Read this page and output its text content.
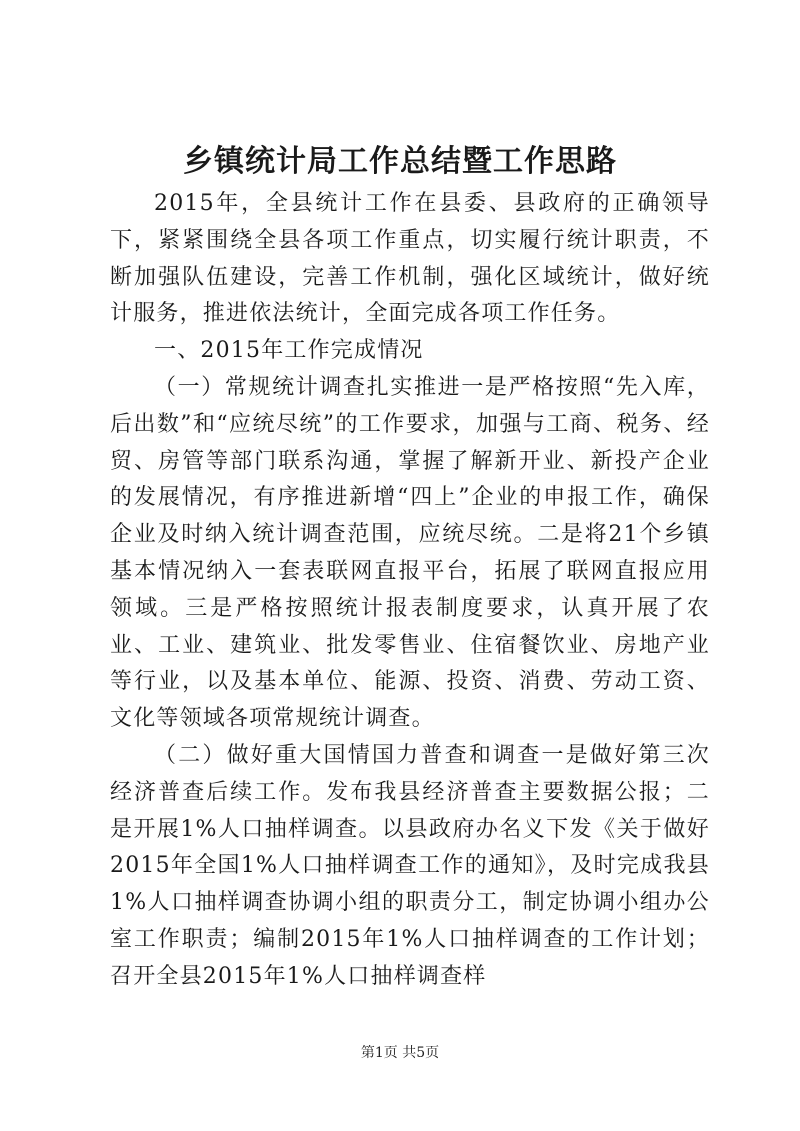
乡镇统计局工作总结暨工作思路

2015年，全县统计工作在县委、县政府的正确领导下，紧紧围绕全县各项工作重点，切实履行统计职责，不断加强队伍建设，完善工作机制，强化区域统计，做好统计服务，推进依法统计，全面完成各项工作任务。

一、2015年工作完成情况

（一）常规统计调查扎实推进一是严格按照“先入库，后出数”和“应统尽统”的工作要求，加强与工商、税务、经贸、房管等部门联系沟通，掌握了解新开业、新投产企业的发展情况，有序推进新增“四上”企业的申报工作，确保企业及时纳入统计调查范围，应统尽统。二是将21个乡镇基本情况纳入一套表联网直报平台，拓展了联网直报应用领域。三是严格按照统计报表制度要求，认真开展了农业、工业、建筑业、批发零售业、住宿餐饮业、房地产业等行业，以及基本单位、能源、投资、消费、劳动工资、文化等领域各项常规统计调查。

（二）做好重大国情国力普查和调查一是做好第三次经济普查后续工作。发布我县经济普查主要数据公报；二是开展1%人口抽样调查。以县政府办名义下发《关于做好2015年全国1%人口抽样调查工作的通知》，及时完成我县1%人口抽样调查协调小组的职责分工，制定协调小组办公室工作职责；编制2015年1%人口抽样调查的工作计划；召开全县2015年1%人口抽样调查样

第1页 共5页
